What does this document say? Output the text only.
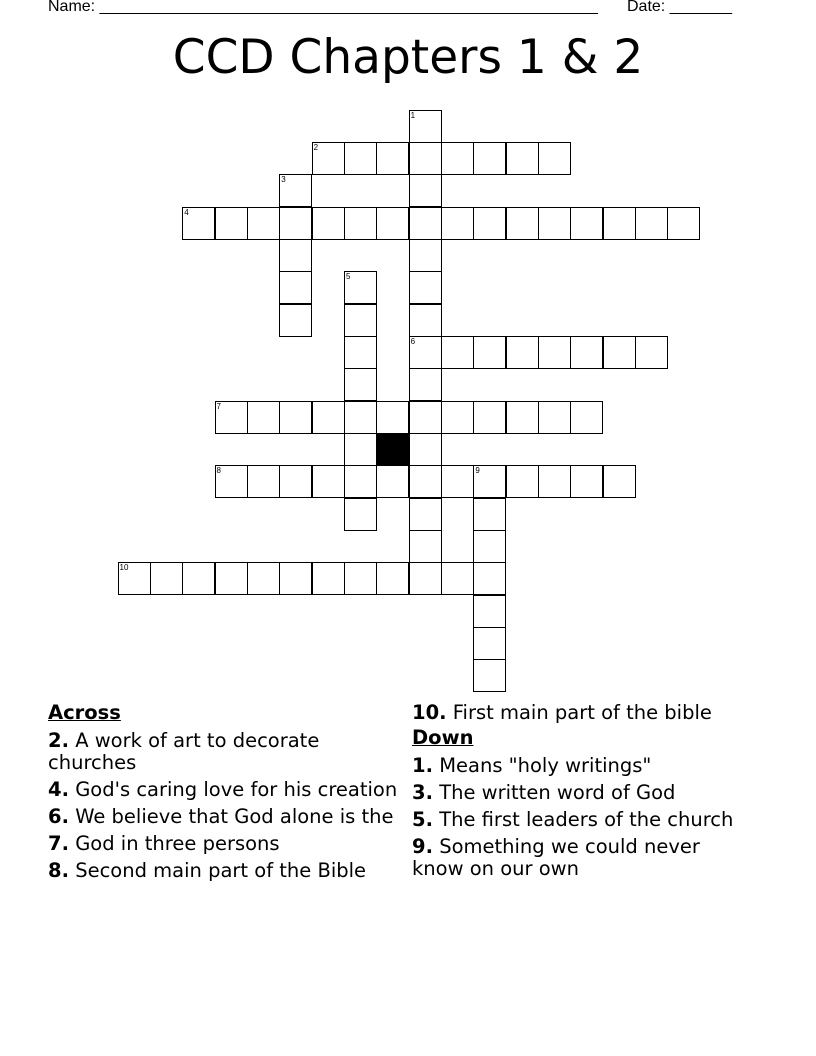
Name: ________________________________________________________ Date: _______
CCD Chapters 1 & 2
1
2
3
4
5
6
7
8	9
10
Across
2. A work of art to decorate churches
4. God's caring love for his creation
6. We believe that God alone is the
7. God in three persons
8. Second main part of the Bible
10. First main part of the bible
Down
1. Means "holy writings"
3. The written word of God
5. The first leaders of the church
9. Something we could never know on our own
